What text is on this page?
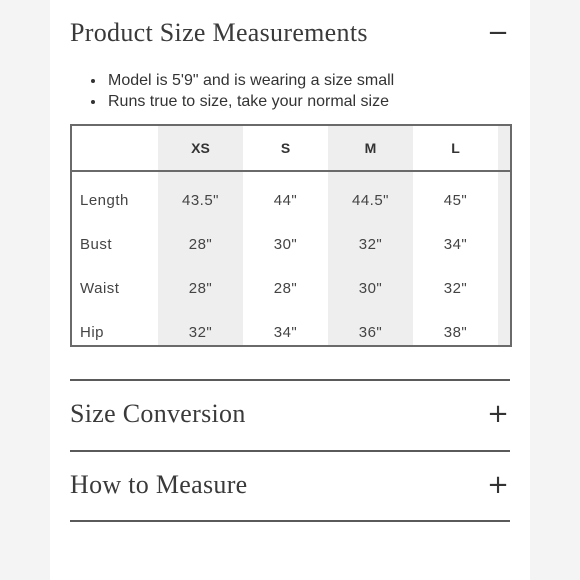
Product Size Measurements	−
• Model is 5'9" and is wearing a size small
• Runs true to size, take your normal size
	XS	S	M	L	
Length	43.5"	44"	44.5"	45"	
Bust	28"	30"	32"	34"	
Waist	28"	28"	30"	32"	
Hip	32"	34"	36"	38"	
Size Conversion	+
How to Measure	+
